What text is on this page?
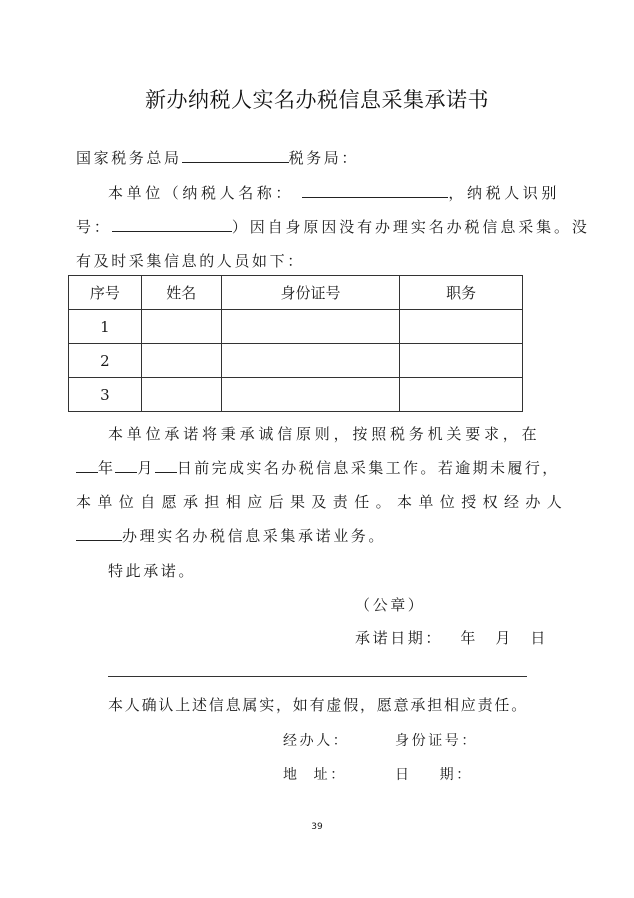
新办纳税人实名办税信息采集承诺书
国家税务总局	税务局：
本单位（纳税人名称：	，纳税人识别
号：	）因自身原因没有办理实名办税信息采集。没
有及时采集信息的人员如下：
序号	姓名	身份证号	职务
1			
2			
3			
本单位承诺将秉承诚信原则，按照税务机关要求，在
年 月 日前完成实名办税信息采集工作。若逾期未履行，
本单位自愿承担相应后果及责任。本单位授权经办人
办理实名办税信息采集承诺业务。
特此承诺。
（公章）
承诺日期： 年 月 日
本人确认上述信息属实，如有虚假，愿意承担相应责任。
经办人：	身份证号：
地 址：	日 期：
39
